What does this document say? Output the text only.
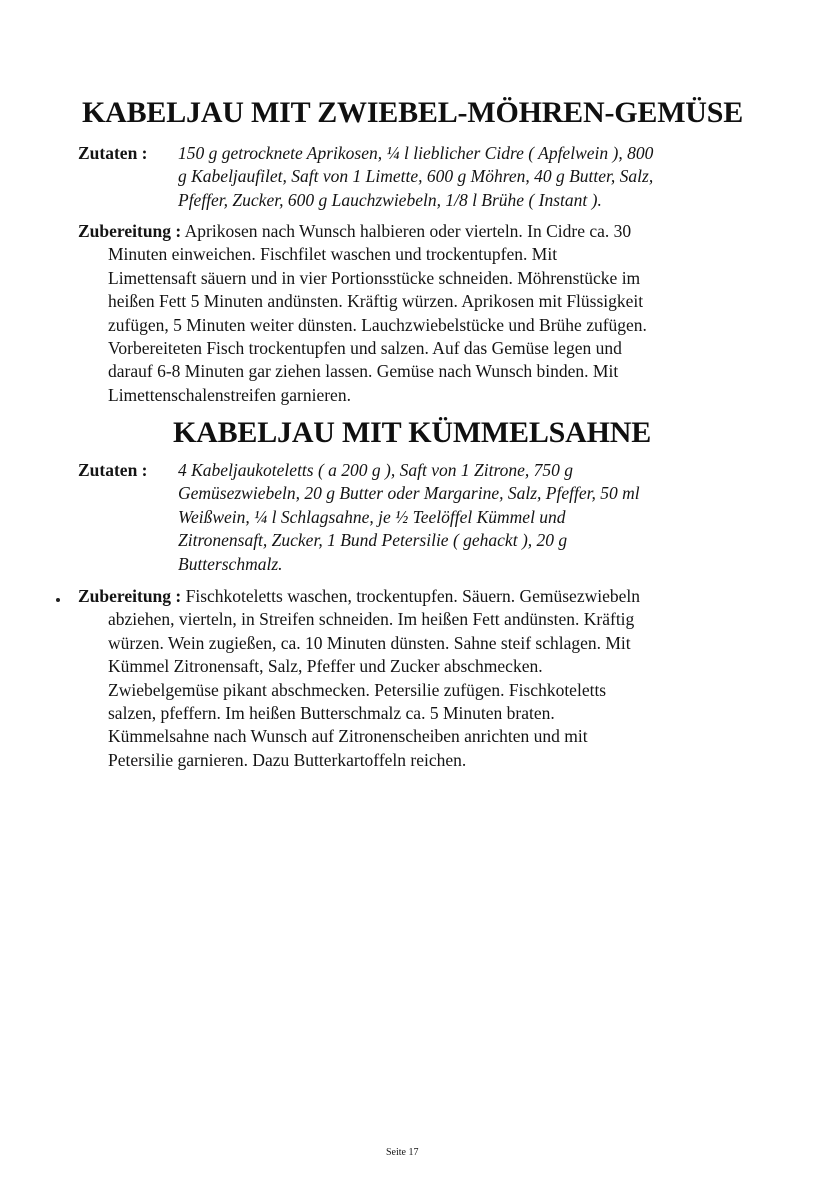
KABELJAU MIT ZWIEBEL-MÖHREN-GEMÜSE
Zutaten : 150 g getrocknete Aprikosen, ¼ l lieblicher Cidre ( Apfelwein ), 800
g Kabeljaufilet, Saft von 1 Limette, 600 g Möhren, 40 g Butter, Salz,
Pfeffer, Zucker, 600 g Lauchzwiebeln, 1/8 l Brühe ( Instant ).

Zubereitung : Aprikosen nach Wunsch halbieren oder vierteln. In Cidre ca. 30
Minuten einweichen. Fischfilet waschen und trockentupfen. Mit
Limettensaft säuern und in vier Portionsstücke schneiden. Möhrenstücke im
heißen Fett 5 Minuten andünsten. Kräftig würzen. Aprikosen mit Flüssigkeit
zufügen, 5 Minuten weiter dünsten. Lauchzwiebelstücke und Brühe zufügen.
Vorbereiteten Fisch trockentupfen und salzen. Auf das Gemüse legen und
darauf 6-8 Minuten gar ziehen lassen. Gemüse nach Wunsch binden. Mit
Limettenschalenstreifen garnieren.
KABELJAU MIT KÜMMELSAHNE
Zutaten : 4 Kabeljaukoteletts ( a 200 g ), Saft von 1 Zitrone, 750 g
Gemüsezwiebeln, 20 g Butter oder Margarine, Salz, Pfeffer, 50 ml
Weißwein, ¼ l Schlagsahne, je ½ Teelöffel Kümmel und
Zitronensaft, Zucker, 1 Bund Petersilie ( gehackt ), 20 g
Butterschmalz.

Zubereitung : Fischkoteletts waschen, trockentupfen. Säuern. Gemüsezwiebeln
abziehen, vierteln, in Streifen schneiden. Im heißen Fett andünsten. Kräftig
würzen. Wein zugießen, ca. 10 Minuten dünsten. Sahne steif schlagen. Mit
Kümmel Zitronensaft, Salz, Pfeffer und Zucker abschmecken.
Zwiebelgemüse pikant abschmecken. Petersilie zufügen. Fischkoteletts
salzen, pfeffern. Im heißen Butterschmalz ca. 5 Minuten braten.
Kümmelsahne nach Wunsch auf Zitronenscheiben anrichten und mit
Petersilie garnieren. Dazu Butterkartoffeln reichen.
Seite 17
